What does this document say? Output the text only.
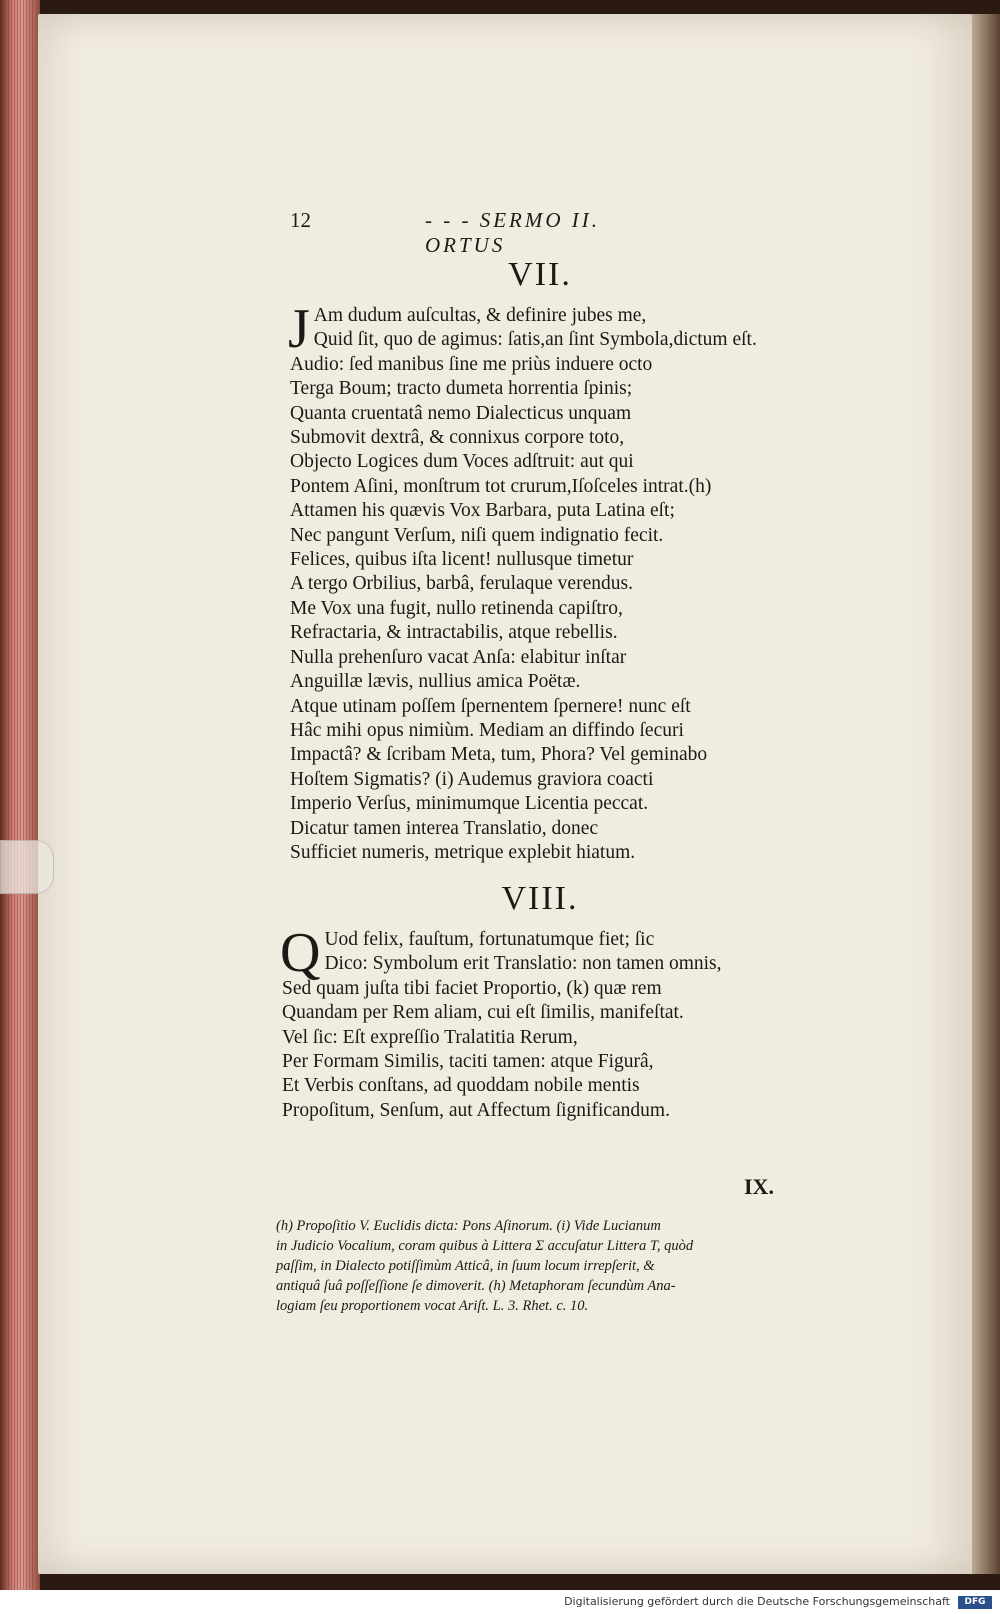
12	- - - SERMO II. ORTUS
VII.
J Am dudum auſcultas, & definire jubes me,
Quid ſit, quo de agimus: ſatis,an ſint Symbola,dictum eſt.
Audio: ſed manibus ſine me priùs induere octo
Terga Boum; tracto dumeta horrentia ſpinis;
Quanta cruentatâ nemo Dialecticus unquam
Submovit dextrâ, & connixus corpore toto,
Objecto Logices dum Voces adſtruit: aut qui
Pontem Aſini, monſtrum tot crurum,Iſoſceles intrat.(h)
Attamen his quævis Vox Barbara, puta Latina eſt;
Nec pangunt Verſum, niſi quem indignatio fecit.
Felices, quibus iſta licent! nullusque timetur
A tergo Orbilius, barbâ, ferulaque verendus.
Me Vox una fugit, nullo retinenda capiſtro,
Refractaria, & intractabilis, atque rebellis.
Nulla prehenſuro vacat Anſa: elabitur inſtar
Anguillæ lævis, nullius amica Poëtæ.
Atque utinam poſſem ſpernentem ſpernere! nunc eſt
Hâc mihi opus nimiùm. Mediam an diffindo ſecuri
Impactâ? & ſcribam Meta, tum, Phora? Vel geminabo
Hoſtem Sigmatis? (i) Audemus graviora coacti
Imperio Verſus, minimumque Licentia peccat.
Dicatur tamen interea Translatio, donec
Sufficiet numeris, metrique explebit hiatum.
VIII.
Q Uod felix, fauſtum, fortunatumque fiet; ſic
Dico: Symbolum erit Translatio: non tamen omnis,
Sed quam juſta tibi faciet Proportio, (k) quæ rem
Quandam per Rem aliam, cui eſt ſimilis, manifeſtat.
Vel ſic: Eſt expreſſio Tralatitia Rerum,
Per Formam Similis, taciti tamen: atque Figurâ,
Et Verbis conſtans, ad quoddam nobile mentis
Propoſitum, Senſum, aut Affectum ſignificandum.
IX.
(h) Propoſitio V. Euclidis dicta: Pons Aſinorum. (i) Vide Lucianum
in Judicio Vocalium, coram quibus à Littera Σ accuſatur Littera T, quòd
paſſim, in Dialecto potiſſimùm Atticâ, in ſuum locum irrepſerit, &
antiquâ ſuâ poſſeſſione ſe dimoverit. (h) Metaphoram ſecundùm Ana-
logiam ſeu proportionem vocat Ariſt. L. 3. Rhet. c. 10.
Digitalisierung gefördert durch die Deutsche Forschungsgemeinschaft	DFG
